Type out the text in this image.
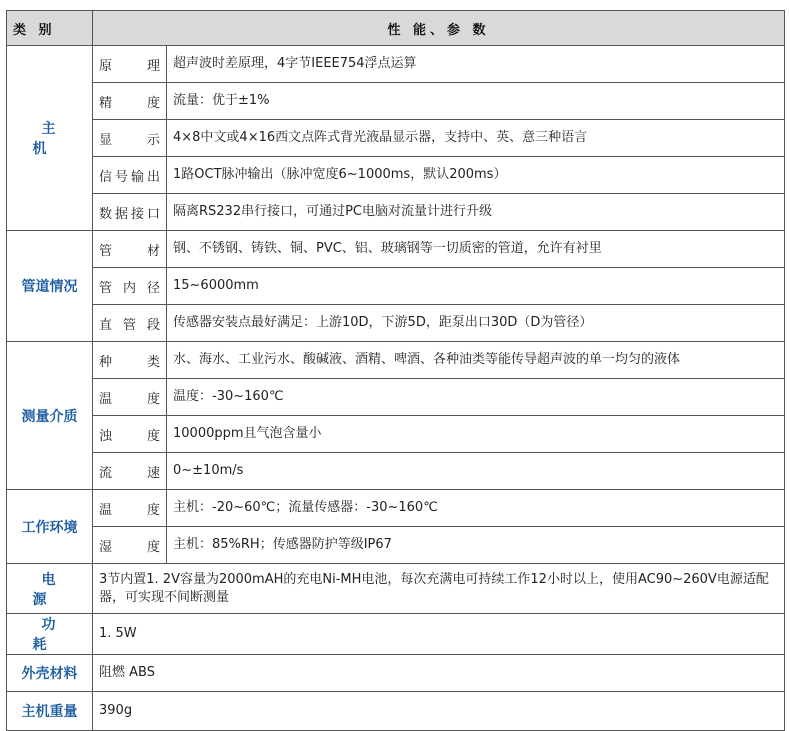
类 别	性 能、参 数	
主 机	原理	超声波时差原理，4字节IEEE754浮点运算
	精度	流量：优于±1%
	显示	4×8中文或4×16西文点阵式背光液晶显示器，支持中、英、意三种语言
	信号输出	1路OCT脉冲输出（脉冲宽度6~1000ms，默认200ms）
	数据接口	隔离RS232串行接口，可通过PC电脑对流量计进行升级
管道情况	管材	钢、不锈钢、铸铁、铜、PVC、铝、玻璃钢等一切质密的管道，允许有衬里
	管内径	15~6000mm
	直管段	传感器安装点最好满足：上游10D，下游5D，距泵出口30D（D为管径）
测量介质	种类	水、海水、工业污水、酸碱液、酒精、啤酒、各种油类等能传导超声波的单一均匀的液体
	温度	温度：-30~160℃
	浊度	10000ppm且气泡含量小
	流速	0~±10m/s
工作环境	温度	主机：-20~60℃；流量传感器：-30~160℃
	湿度	主机：85%RH；传感器防护等级IP67
电 源	3节内置1. 2V容量为2000mAH的充电Ni-MH电池，每次充满电可持续工作12小时以上，使用AC90~260V电源适配器，可实现不间断测量	
功 耗	1. 5W	
外壳材料	阻燃 ABS	
主机重量	390g	
